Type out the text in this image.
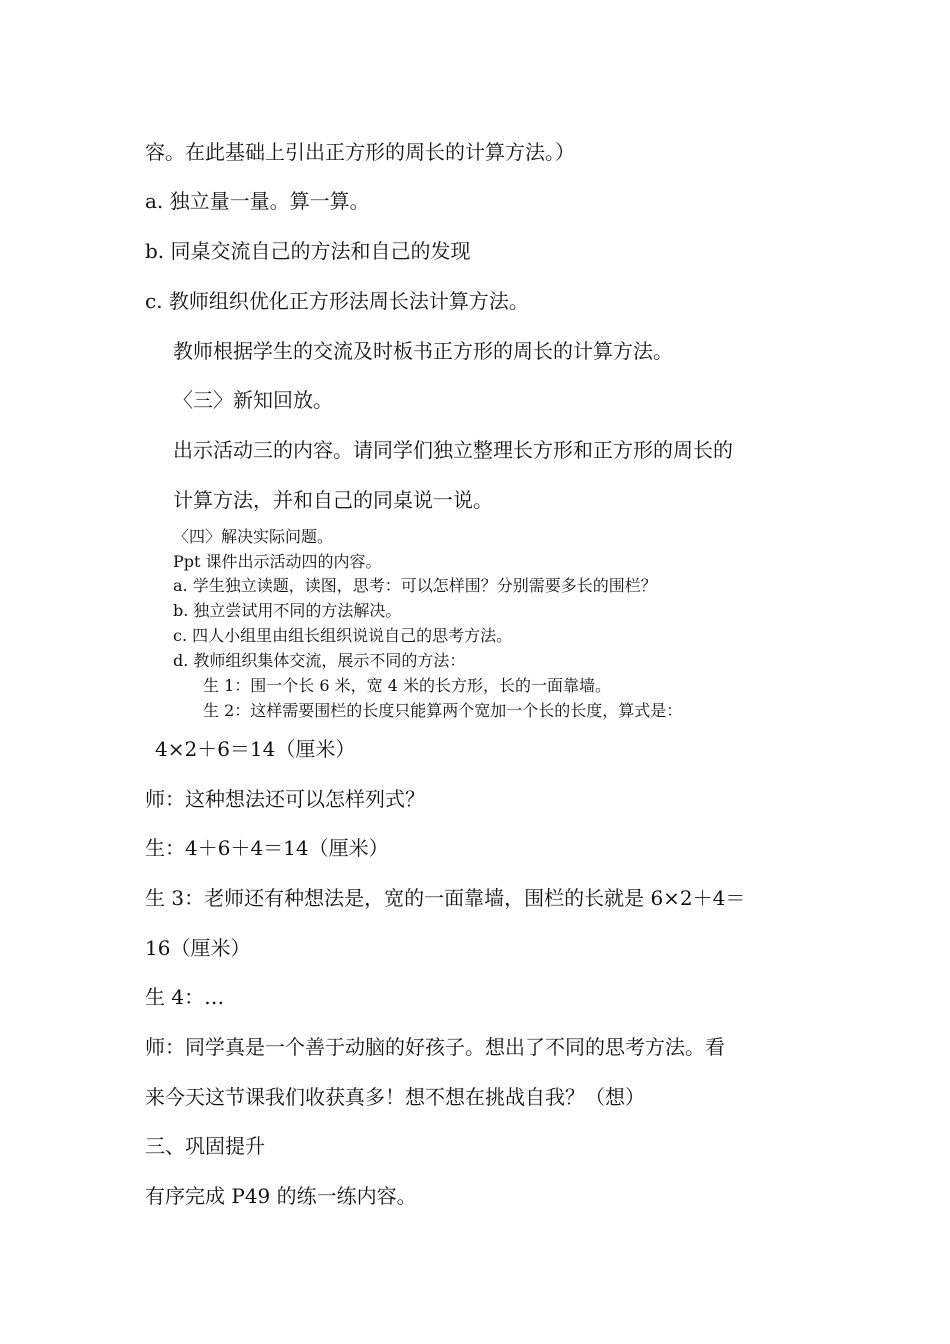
容。在此基础上引出正方形的周长的计算方法。）

a. 独立量一量。算一算。

b. 同桌交流自己的方法和自己的发现

c. 教师组织优化正方形法周长法计算方法。

教师根据学生的交流及时板书正方形的周长的计算方法。

〈三〉新知回放。

出示活动三的内容。请同学们独立整理长方形和正方形的周长的

计算方法，并和自己的同桌说一说。

〈四〉解决实际问题。

Ppt 课件出示活动四的内容。

a. 学生独立读题，读图，思考：可以怎样围？分别需要多长的围栏？

b. 独立尝试用不同的方法解决。

c. 四人小组里由组长组织说说自己的思考方法。

d. 教师组织集体交流，展示不同的方法：

生 1：围一个长 6 米，宽 4 米的长方形，长的一面靠墙。

生 2：这样需要围栏的长度只能算两个宽加一个长的长度，算式是：

4×2＋6＝14（厘米）

师：这种想法还可以怎样列式？

生：4＋6＋4＝14（厘米）

生 3：老师还有种想法是，宽的一面靠墙，围栏的长就是 6×2＋4＝

16（厘米）

生 4：…

师：同学真是一个善于动脑的好孩子。想出了不同的思考方法。看

来今天这节课我们收获真多！想不想在挑战自我？（想）

三、巩固提升

有序完成 P49 的练一练内容。
